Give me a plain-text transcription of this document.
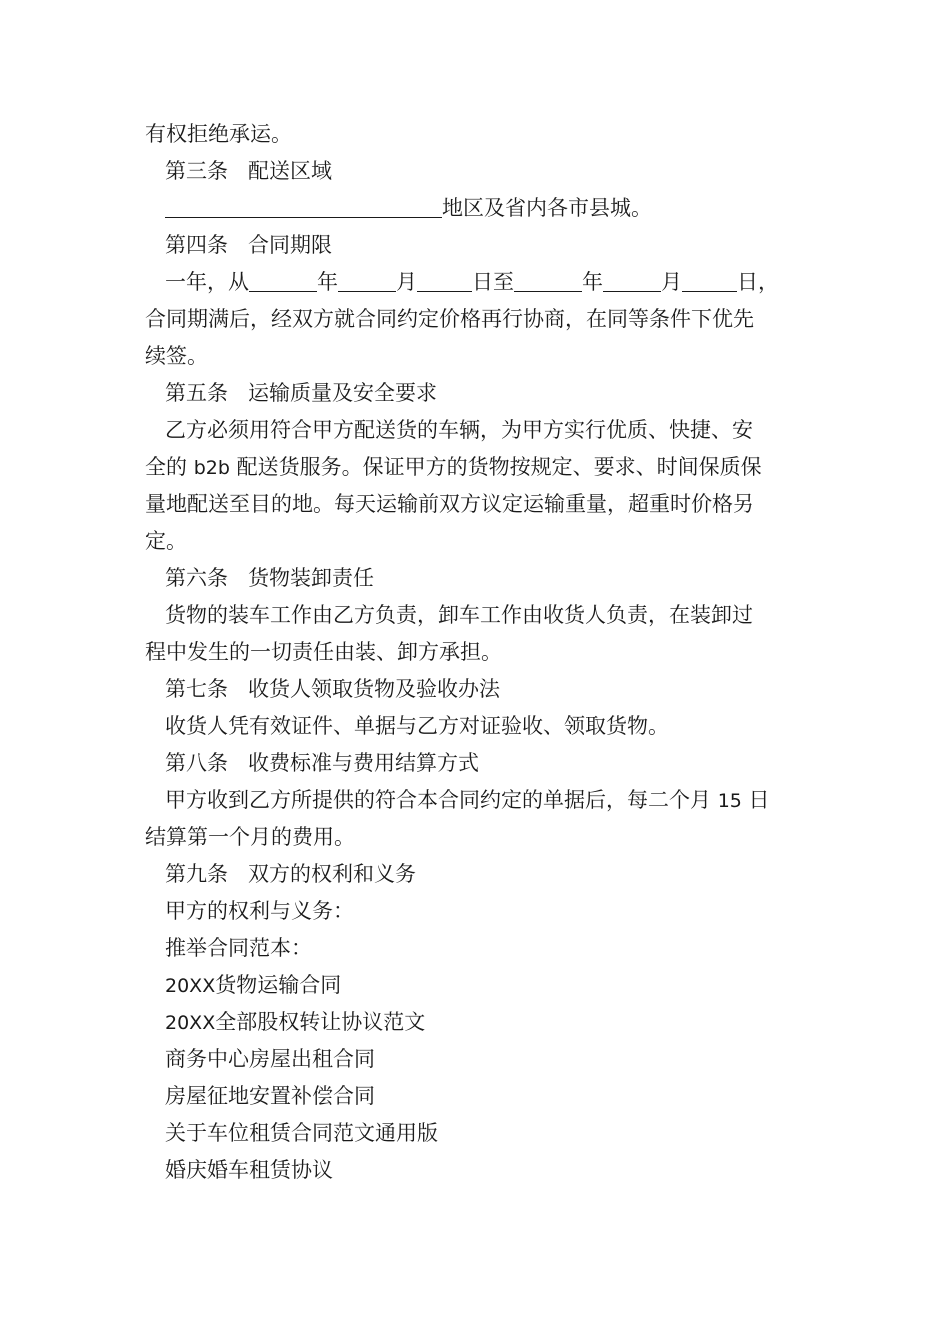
有权拒绝承运。
第三条 配送区域
地区及省内各市县城。
第四条 合同期限
一年，从	年	月	日至	年	月	日，
合同期满后，经双方就合同约定价格再行协商，在同等条件下优先
续签。
第五条 运输质量及安全要求
乙方必须用符合甲方配送货的车辆，为甲方实行优质、快捷、安
全的 b2b 配送货服务。保证甲方的货物按规定、要求、时间保质保
量地配送至目的地。每天运输前双方议定运输重量，超重时价格另
定。
第六条 货物装卸责任
货物的装车工作由乙方负责，卸车工作由收货人负责，在装卸过
程中发生的一切责任由装、卸方承担。
第七条 收货人领取货物及验收办法
收货人凭有效证件、单据与乙方对证验收、领取货物。
第八条 收费标准与费用结算方式
甲方收到乙方所提供的符合本合同约定的单据后，每二个月 15 日
结算第一个月的费用。
第九条 双方的权利和义务
甲方的权利与义务：
推举合同范本：
20XX货物运输合同
20XX全部股权转让协议范文
商务中心房屋出租合同
房屋征地安置补偿合同
关于车位租赁合同范文通用版
婚庆婚车租赁协议
